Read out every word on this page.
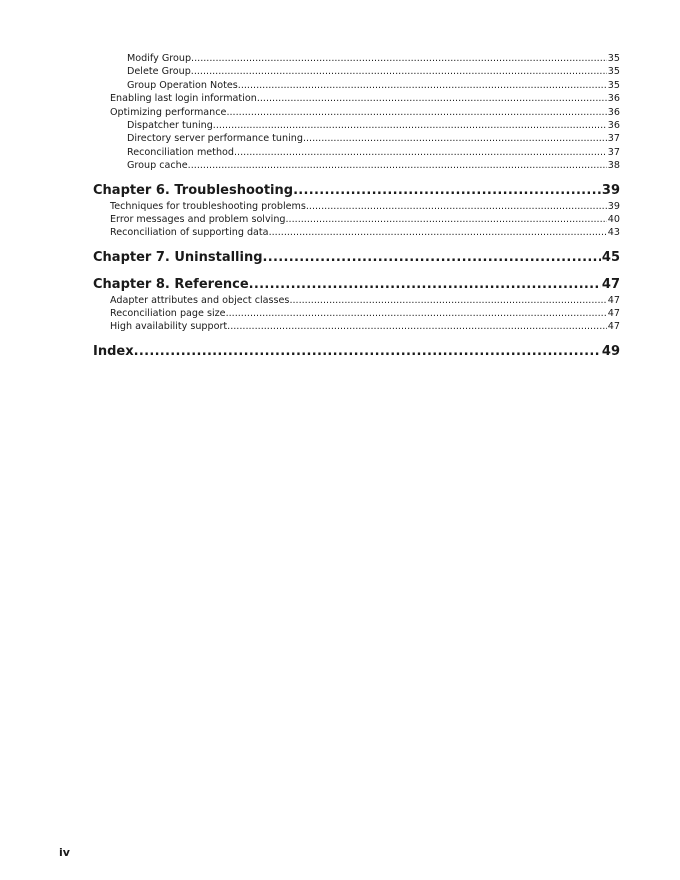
Modify Group .....	35
Delete Group .....	35
Group Operation Notes .....	35
Enabling last login information .....	36
Optimizing performance .....	36
Dispatcher tuning .....	36
Directory server performance tuning .....	37
Reconciliation method .....	37
Group cache .....	38
Chapter 6. Troubleshooting .....	39
Techniques for troubleshooting problems .....	39
Error messages and problem solving .....	40
Reconciliation of supporting data .....	43
Chapter 7. Uninstalling .....	45
Chapter 8. Reference .....	47
Adapter attributes and object classes .....	47
Reconciliation page size .....	47
High availability support .....	47
Index .....	49
iv
